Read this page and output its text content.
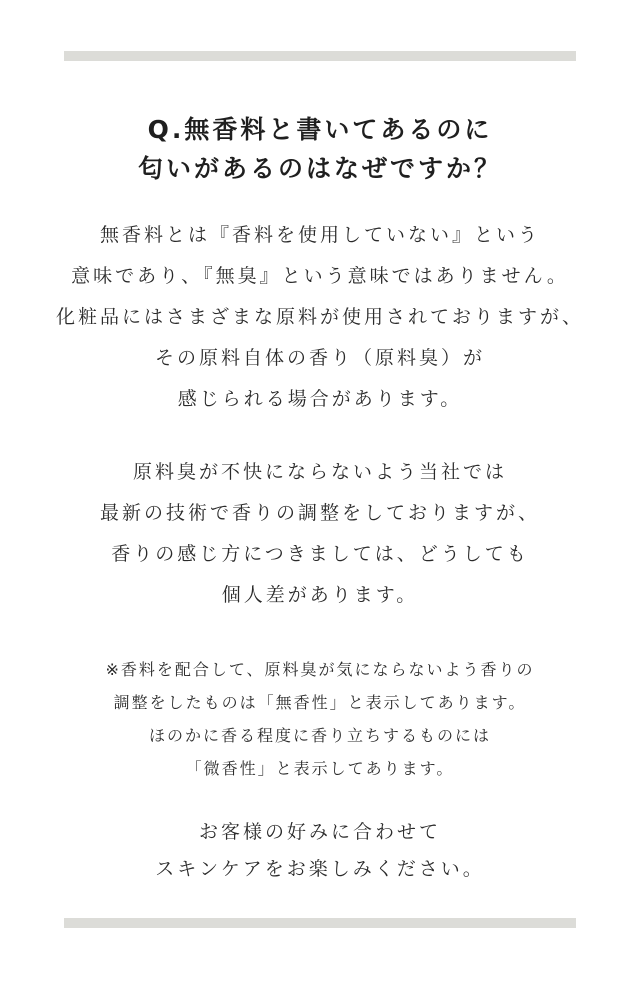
Q.無香料と書いてあるのに
匂いがあるのはなぜですか？
無香料とは『香料を使用していない』という
意味であり、『無臭』という意味ではありません。
化粧品にはさまざまな原料が使用されておりますが、
その原料自体の香り（原料臭）が
感じられる場合があります。
原料臭が不快にならないよう当社では
最新の技術で香りの調整をしておりますが、
香りの感じ方につきましては、どうしても
個人差があります。
※香料を配合して、原料臭が気にならないよう香りの
調整をしたものは「無香性」と表示してあります。
ほのかに香る程度に香り立ちするものには
「微香性」と表示してあります。
お客様の好みに合わせて
スキンケアをお楽しみください。
